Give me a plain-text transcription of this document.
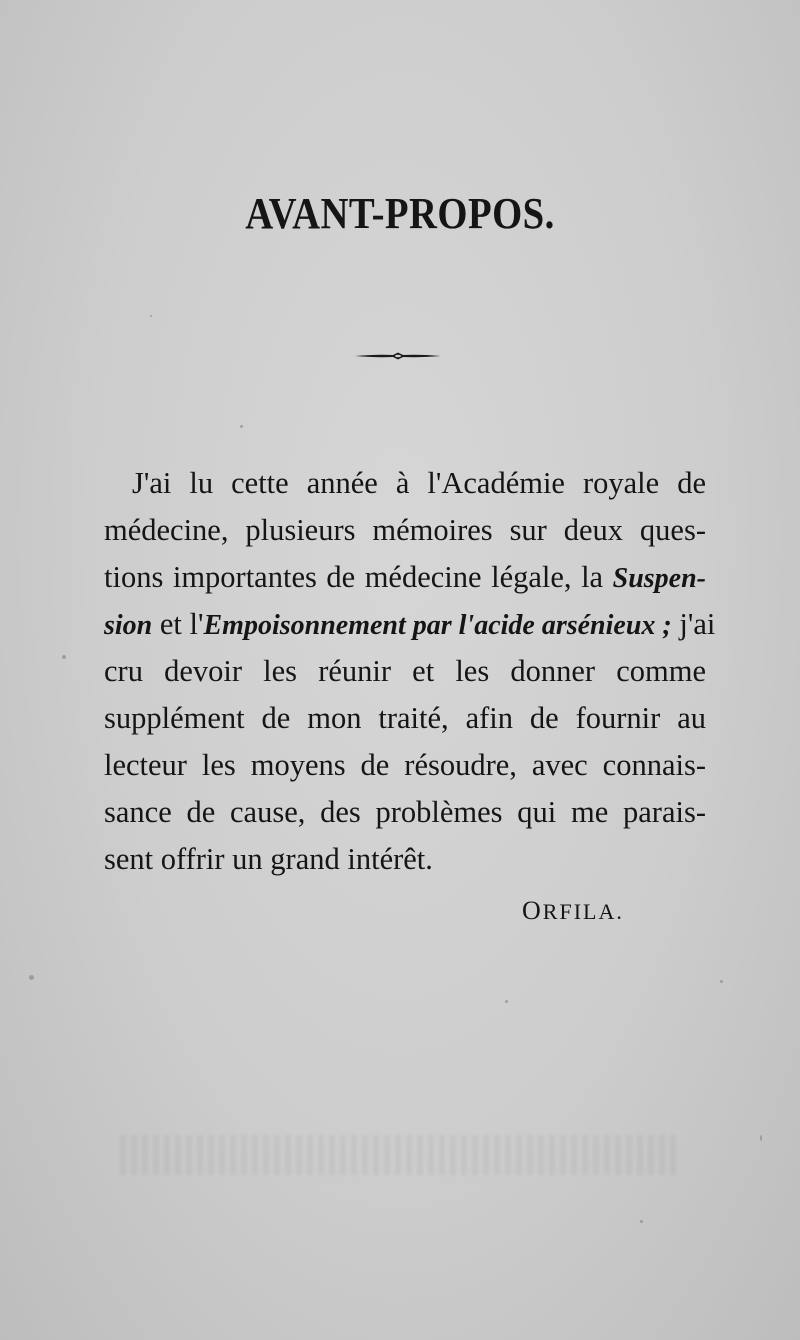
AVANT-PROPOS.
J'ai lu cette année à l'Académie royale de
médecine, plusieurs mémoires sur deux ques-
tions importantes de médecine légale, la Suspen-
sion et l'Empoisonnement par l'acide arsénieux ; j'ai
cru devoir les réunir et les donner comme
supplément de mon traité, afin de fournir au
lecteur les moyens de résoudre, avec connais-
sance de cause, des problèmes qui me parais-
sent offrir un grand intérêt.
ORFILA.
